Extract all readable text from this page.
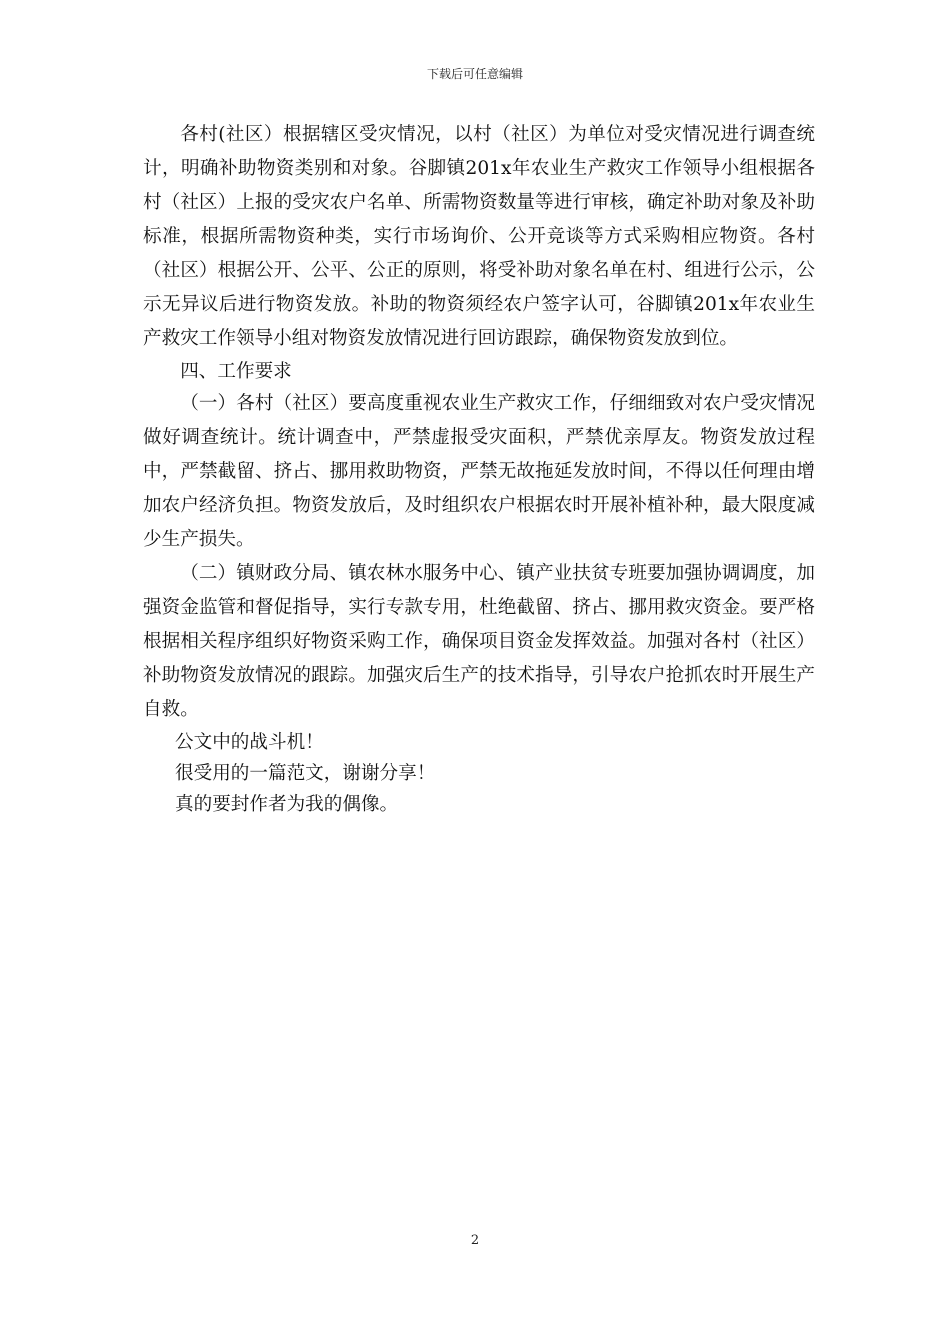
下载后可任意编辑

各村(社区）根据辖区受灾情况，以村（社区）为单位对受灾情况进行调查统计，明确补助物资类别和对象。谷脚镇201x年农业生产救灾工作领导小组根据各村（社区）上报的受灾农户名单、所需物资数量等进行审核，确定补助对象及补助标准，根据所需物资种类，实行市场询价、公开竞谈等方式采购相应物资。各村（社区）根据公开、公平、公正的原则，将受补助对象名单在村、组进行公示，公示无异议后进行物资发放。补助的物资须经农户签字认可，谷脚镇201x年农业生产救灾工作领导小组对物资发放情况进行回访跟踪，确保物资发放到位。

四、工作要求

（一）各村（社区）要高度重视农业生产救灾工作，仔细细致对农户受灾情况做好调查统计。统计调查中，严禁虚报受灾面积，严禁优亲厚友。物资发放过程中，严禁截留、挤占、挪用救助物资，严禁无故拖延发放时间，不得以任何理由增加农户经济负担。物资发放后，及时组织农户根据农时开展补植补种，最大限度减少生产损失。

（二）镇财政分局、镇农林水服务中心、镇产业扶贫专班要加强协调调度，加强资金监管和督促指导，实行专款专用，杜绝截留、挤占、挪用救灾资金。要严格根据相关程序组织好物资采购工作，确保项目资金发挥效益。加强对各村（社区）补助物资发放情况的跟踪。加强灾后生产的技术指导，引导农户抢抓农时开展生产自救。

公文中的战斗机！

很受用的一篇范文，谢谢分享！

真的要封作者为我的偶像。

2
